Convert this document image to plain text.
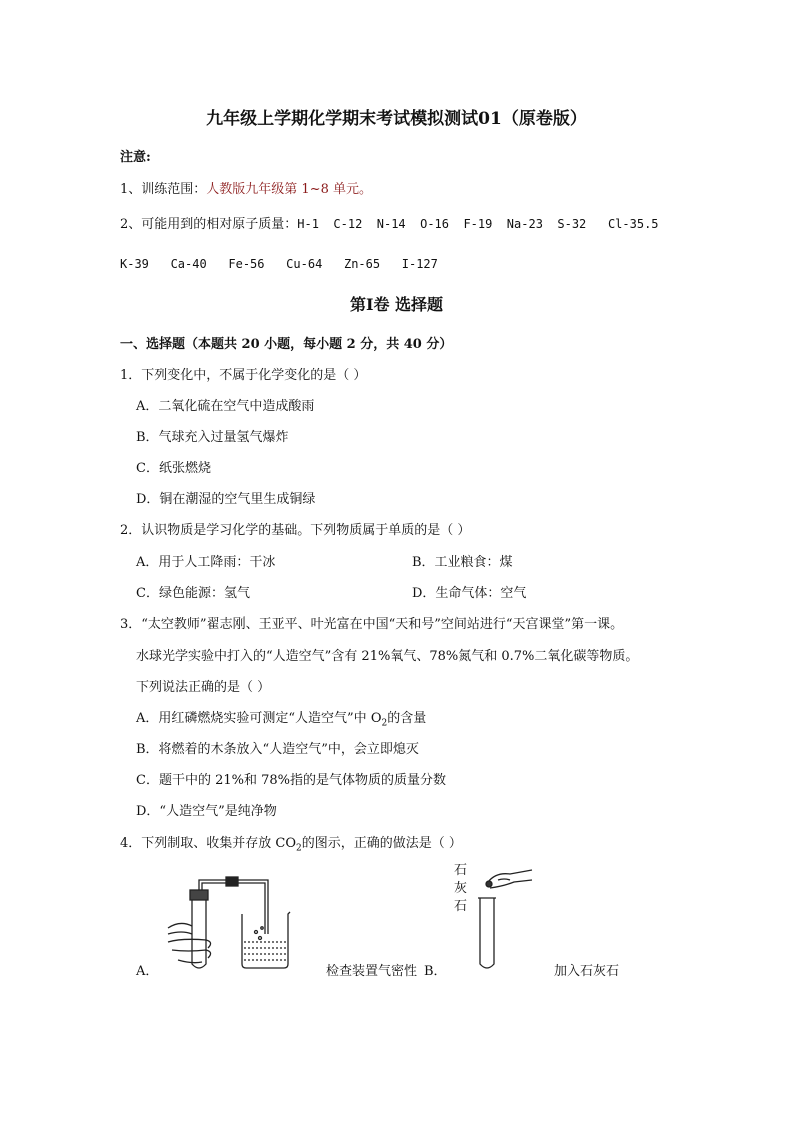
九年级上学期化学期末考试模拟测试01（原卷版）
注意:
1、训练范围：人教版九年级第 1~8 单元。
2、可能用到的相对原子质量：H-1  C-12  N-14  O-16  F-19  Na-23  S-32   Cl-35.5
K-39   Ca-40   Fe-56   Cu-64   Zn-65   I-127
第Ⅰ卷 选择题
一、选择题（本题共 20 小题，每小题 2 分，共 40 分）
1．下列变化中，不属于化学变化的是（ ）
A．二氧化硫在空气中造成酸雨
B．气球充入过量氢气爆炸
C．纸张燃烧
D．铜在潮湿的空气里生成铜绿
2．认识物质是学习化学的基础。下列物质属于单质的是（ ）
A．用于人工降雨：干冰	B．工业粮食：煤
C．绿色能源：氢气	D．生命气体：空气
3．“太空教师”翟志刚、王亚平、叶光富在中国“天和号”空间站进行“天宫课堂”第一课。
水球光学实验中打入的“人造空气”含有 21%氧气、78%氮气和 0.7%二氧化碳等物质。
下列说法正确的是（ ）
A．用红磷燃烧实验可测定“人造空气”中 $O_2$的含量
B．将燃着的木条放入“人造空气”中，会立即熄灭
C．题干中的 21%和 78%指的是气体物质的质量分数
D．“人造空气”是纯净物
4．下列制取、收集并存放 $CO_2$的图示，正确的做法是（ ）
A．	检查装置气密性 B．
石
灰
石
加入石灰石
